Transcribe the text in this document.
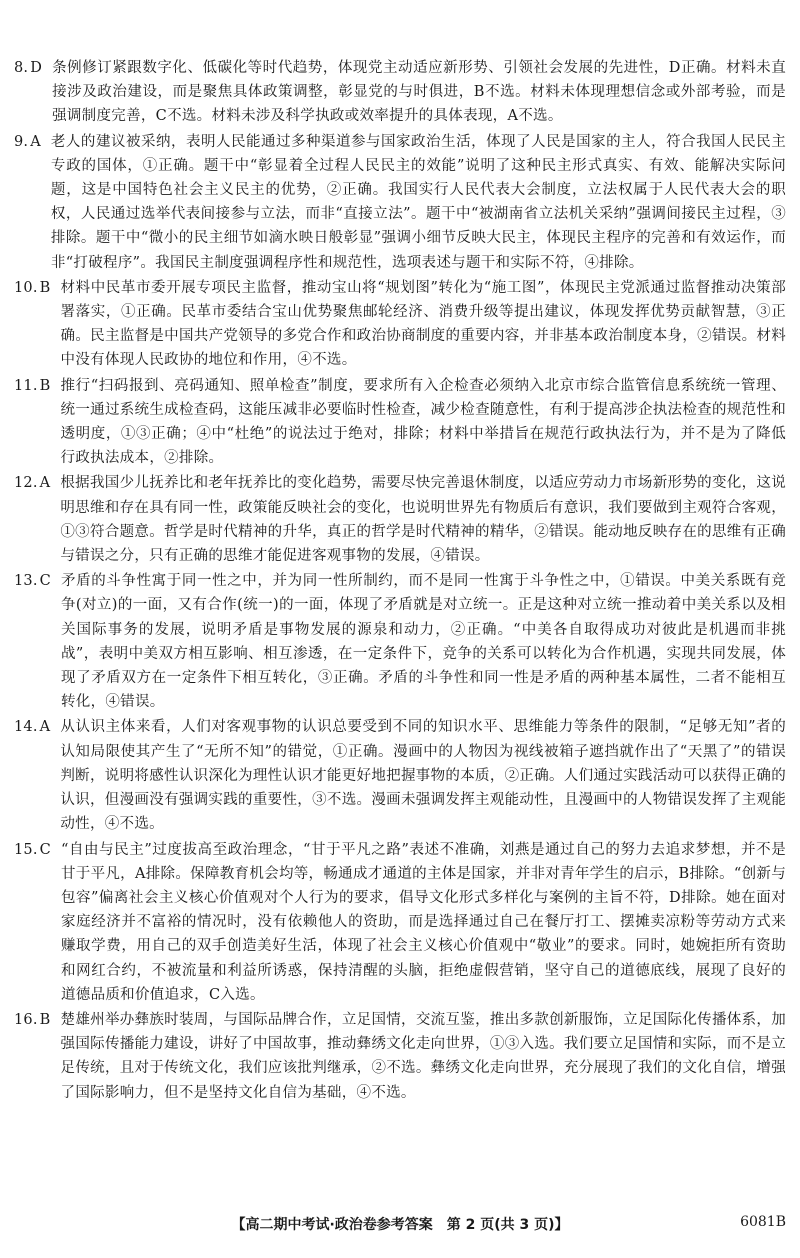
8. D 条例修订紧跟数字化、低碳化等时代趋势，体现党主动适应新形势、引领社会发展的先进性，D正确。材料未直接涉及政治建设，而是聚焦具体政策调整，彰显党的与时俱进，B不选。材料未体现理想信念或外部考验，而是强调制度完善，C不选。材料未涉及科学执政或效率提升的具体表现，A不选。
9. A 老人的建议被采纳，表明人民能通过多种渠道参与国家政治生活，体现了人民是国家的主人，符合我国人民民主专政的国体，①正确。题干中“彰显着全过程人民民主的效能”说明了这种民主形式真实、有效、能解决实际问题，这是中国特色社会主义民主的优势，②正确。我国实行人民代表大会制度，立法权属于人民代表大会的职权，人民通过选举代表间接参与立法，而非“直接立法”。题干中“被湖南省立法机关采纳”强调间接民主过程，③排除。题干中“微小的民主细节如滴水映日般彰显”强调小细节反映大民主，体现民主程序的完善和有效运作，而非“打破程序”。我国民主制度强调程序性和规范性，选项表述与题干和实际不符，④排除。
10. B 材料中民革市委开展专项民主监督，推动宝山将“规划图”转化为“施工图”，体现民主党派通过监督推动决策部署落实，①正确。民革市委结合宝山优势聚焦邮轮经济、消费升级等提出建议，体现发挥优势贡献智慧，③正确。民主监督是中国共产党领导的多党合作和政治协商制度的重要内容，并非基本政治制度本身，②错误。材料中没有体现人民政协的地位和作用，④不选。
11. B 推行“扫码报到、亮码通知、照单检查”制度，要求所有入企检查必须纳入北京市综合监管信息系统统一管理、统一通过系统生成检查码，这能压减非必要临时性检查，减少检查随意性，有利于提高涉企执法检查的规范性和透明度，①③正确；④中“杜绝”的说法过于绝对，排除；材料中举措旨在规范行政执法行为，并不是为了降低行政执法成本，②排除。
12. A 根据我国少儿抚养比和老年抚养比的变化趋势，需要尽快完善退休制度，以适应劳动力市场新形势的变化，这说明思维和存在具有同一性，政策能反映社会的变化，也说明世界先有物质后有意识，我们要做到主观符合客观，①③符合题意。哲学是时代精神的升华，真正的哲学是时代精神的精华，②错误。能动地反映存在的思维有正确与错误之分，只有正确的思维才能促进客观事物的发展，④错误。
13. C 矛盾的斗争性寓于同一性之中，并为同一性所制约，而不是同一性寓于斗争性之中，①错误。中美关系既有竞争(对立)的一面，又有合作(统一)的一面，体现了矛盾就是对立统一。正是这种对立统一推动着中美关系以及相关国际事务的发展，说明矛盾是事物发展的源泉和动力，②正确。“中美各自取得成功对彼此是机遇而非挑战”，表明中美双方相互影响、相互渗透，在一定条件下，竞争的关系可以转化为合作机遇，实现共同发展，体现了矛盾双方在一定条件下相互转化，③正确。矛盾的斗争性和同一性是矛盾的两种基本属性，二者不能相互转化，④错误。
14. A 从认识主体来看，人们对客观事物的认识总要受到不同的知识水平、思维能力等条件的限制，“足够无知”者的认知局限使其产生了“无所不知”的错觉，①正确。漫画中的人物因为视线被箱子遮挡就作出了“天黑了”的错误判断，说明将感性认识深化为理性认识才能更好地把握事物的本质，②正确。人们通过实践活动可以获得正确的认识，但漫画没有强调实践的重要性，③不选。漫画未强调发挥主观能动性，且漫画中的人物错误发挥了主观能动性，④不选。
15. C “自由与民主”过度拔高至政治理念，“甘于平凡之路”表述不准确，刘燕是通过自己的努力去追求梦想，并不是甘于平凡，A排除。保障教育机会均等，畅通成才通道的主体是国家，并非对青年学生的启示，B排除。“创新与包容”偏离社会主义核心价值观对个人行为的要求，倡导文化形式多样化与案例的主旨不符，D排除。她在面对家庭经济并不富裕的情况时，没有依赖他人的资助，而是选择通过自己在餐厅打工、摆摊卖凉粉等劳动方式来赚取学费，用自己的双手创造美好生活，体现了社会主义核心价值观中“敬业”的要求。同时，她婉拒所有资助和网红合约，不被流量和利益所诱惑，保持清醒的头脑，拒绝虚假营销，坚守自己的道德底线，展现了良好的道德品质和价值追求，C入选。
16. B 楚雄州举办彝族时装周，与国际品牌合作，立足国情，交流互鉴，推出多款创新服饰，立足国际化传播体系，加强国际传播能力建设，讲好了中国故事，推动彝绣文化走向世界，①③入选。我们要立足国情和实际，而不是立足传统，且对于传统文化，我们应该批判继承，②不选。彝绣文化走向世界，充分展现了我们的文化自信，增强了国际影响力，但不是坚持文化自信为基础，④不选。
【高二期中考试·政治卷参考答案　第 2 页(共 3 页)】	6081B
